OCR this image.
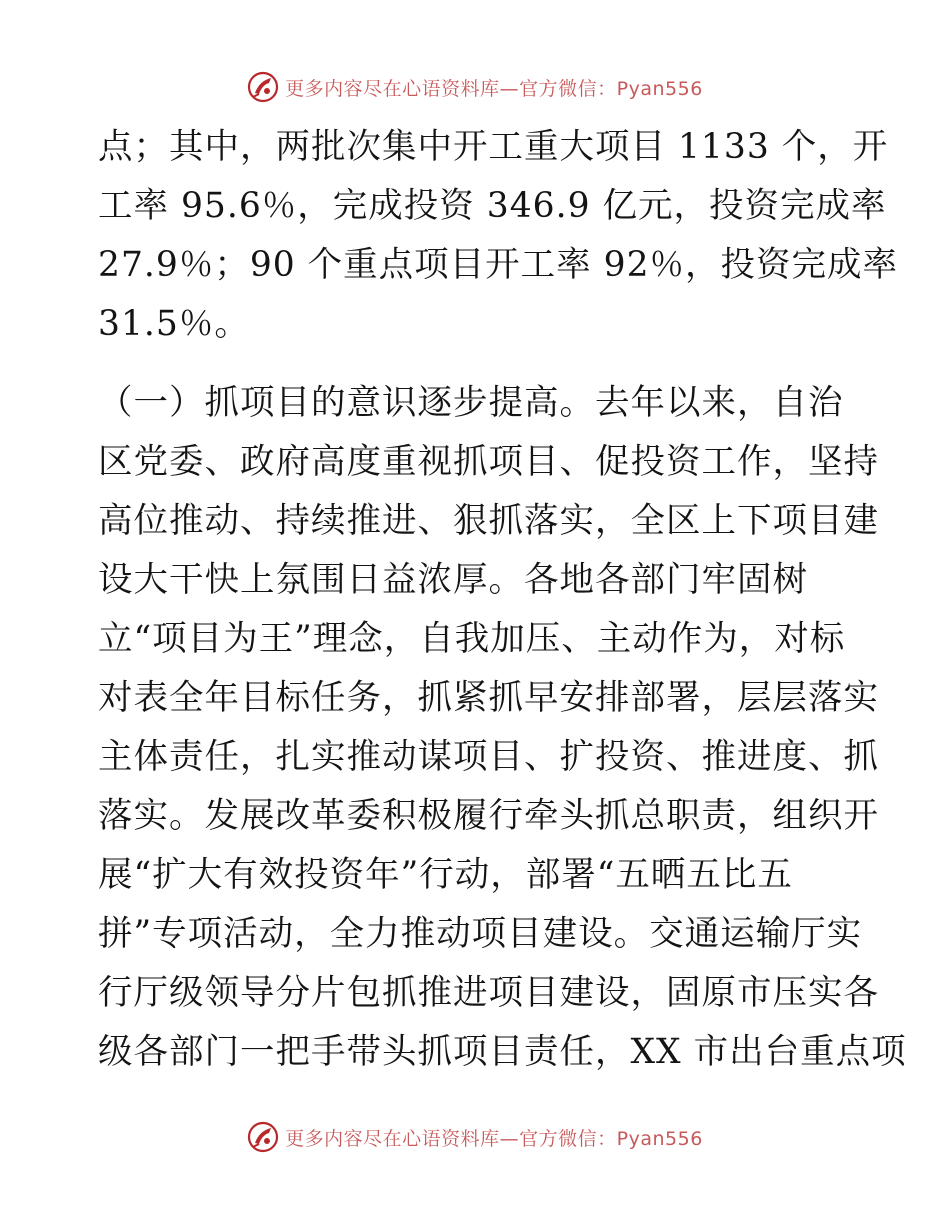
更多内容尽在心语资料库—官方微信：Pyan556
点；其中，两批次集中开工重大项目 1133 个，开
工率 95.6％，完成投资 346.9 亿元，投资完成率
27.9％；90 个重点项目开工率 92％，投资完成率
31.5％。
（一）抓项目的意识逐步提高。去年以来，自治
区党委、政府高度重视抓项目、促投资工作，坚持
高位推动、持续推进、狠抓落实，全区上下项目建
设大干快上氛围日益浓厚。各地各部门牢固树
立“项目为王”理念，自我加压、主动作为，对标
对表全年目标任务，抓紧抓早安排部署，层层落实
主体责任，扎实推动谋项目、扩投资、推进度、抓
落实。发展改革委积极履行牵头抓总职责，组织开
展“扩大有效投资年”行动，部署“五晒五比五
拼”专项活动，全力推动项目建设。交通运输厅实
行厅级领导分片包抓推进项目建设，固原市压实各
级各部门一把手带头抓项目责任，XX 市出台重点项
更多内容尽在心语资料库—官方微信：Pyan556
